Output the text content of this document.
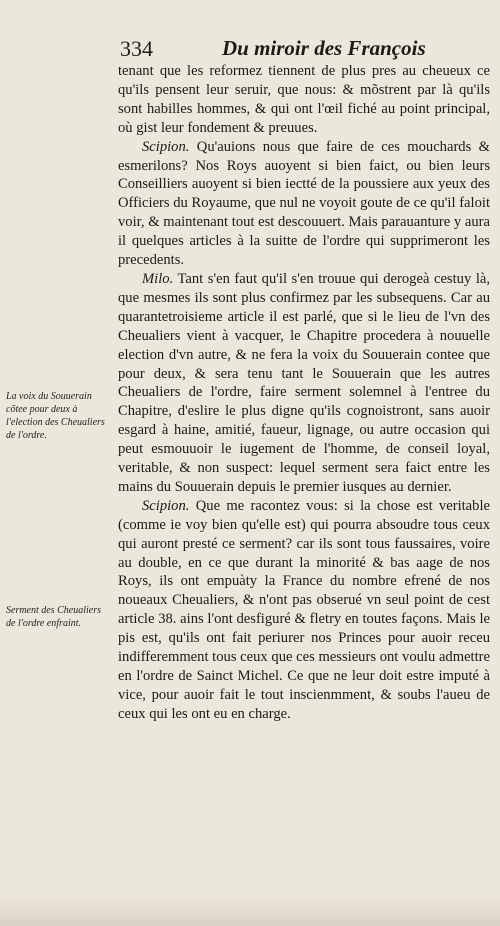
334	Du miroir des François
La voix du Souuerain cõtee pour deux à l'election des Cheualiers de l'ordre.
Serment des Cheualiers de l'ordre enfraint.

tenant que les reformez tiennent de plus pres au cheueux ce qu'ils pensent leur seruir, que nous: & mõstrent par là qu'ils sont habilles hommes, & qui ont l'œil fiché au point principal, où gist leur fondement & preuues.

Scipion. Qu'auions nous que faire de ces mouchards & esmerilons? Nos Roys auoyent si bien faict, ou bien leurs Conseilliers auoyent si bien iectté de la poussiere aux yeux des Officiers du Royaume, que nul ne voyoit goute de ce qu'il faloit voir, & maintenant tout est descouuert. Mais parauanture y aura il quelques articles à la suitte de l'ordre qui supprimeront les precedents.

Milo. Tant s'en faut qu'il s'en trouue qui derogeà cestuy là, que mesmes ils sont plus confirmez par les subsequens. Car au quarantetroisieme article il est parlé, que si le lieu de l'vn des Cheualiers vient à vacquer, le Chapitre procedera à nouuelle election d'vn autre, & ne fera la voix du Souuerain contee que pour deux, & sera tenu tant le Souuerain que les autres Cheualiers de l'ordre, faire serment solemnel à l'entree du Chapitre, d'eslire le plus digne qu'ils cognoistront, sans auoir esgard à haine, amitié, faueur, lignage, ou autre occasion qui peut esmouuoir le iugement de l'homme, de conseil loyal, veritable, & non suspect: lequel serment sera faict entre les mains du Souuerain depuis le premier iusques au dernier.

Scipion. Que me racontez vous: si la chose est veritable (comme ie voy bien qu'elle est) qui pourra absoudre tous ceux qui auront presté ce serment? car ils sont tous faussaires, voire au double, en ce que durant la minorité & bas aage de nos Roys, ils ont empuàty la France du nombre efrené de nos noueaux Cheualiers, & n'ont pas obserué vn seul point de cest article 38. ains l'ont desfiguré & fletry en toutes façons. Mais le pis est, qu'ils ont fait periurer nos Princes pour auoir receu indifferemment tous ceux que ces messieurs ont voulu admettre en l'ordre de Sainct Michel. Ce que ne leur doit estre imputé à vice, pour auoir fait le tout inscienmment, & soubs l'aueu de ceux qui les ont eu en charge.
